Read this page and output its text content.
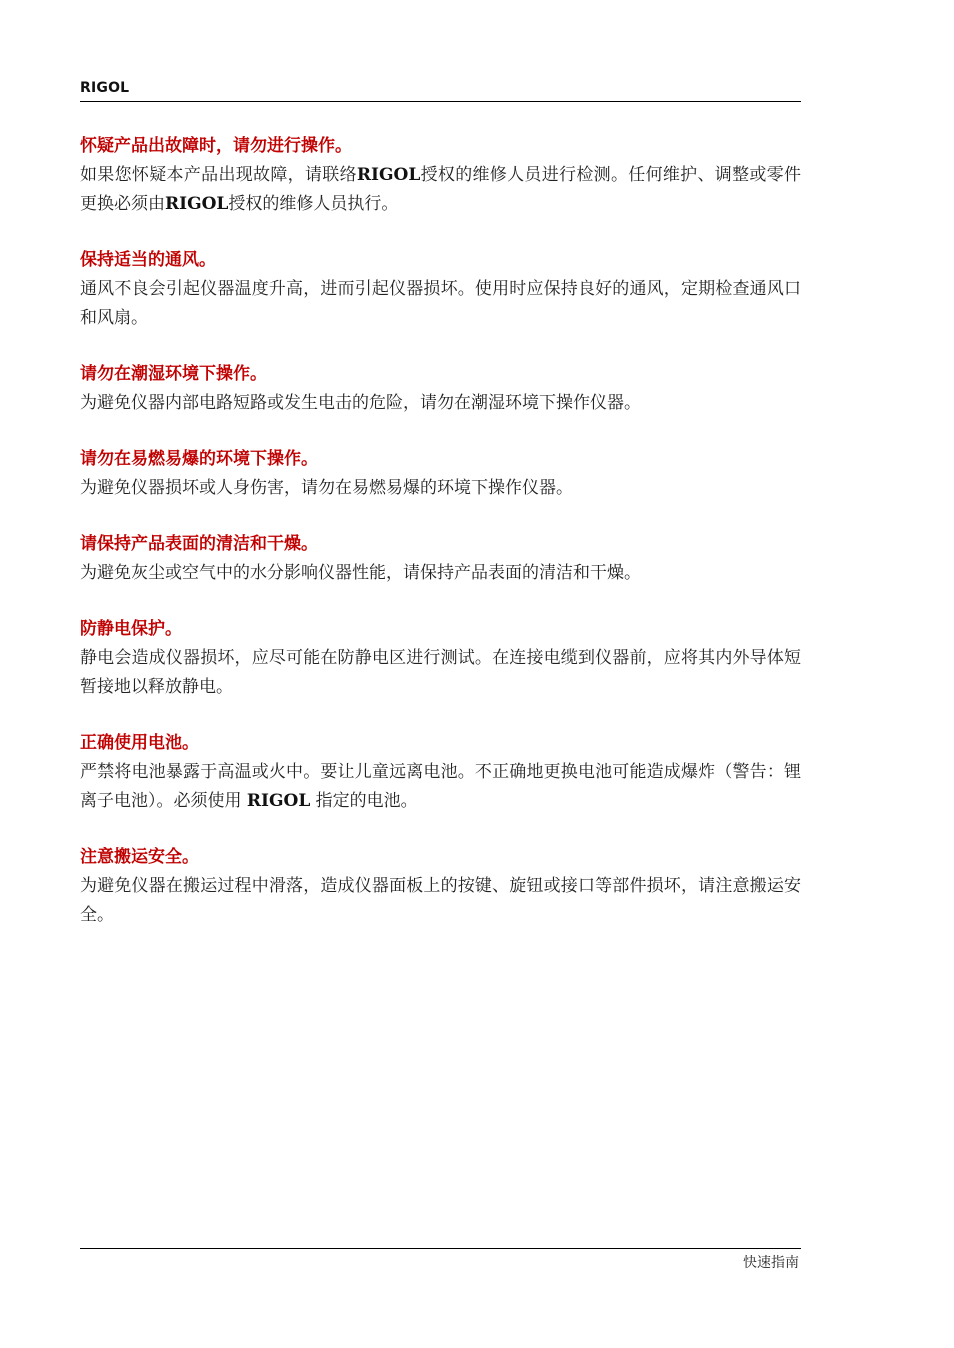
RIGOL
怀疑产品出故障时，请勿进行操作。

如果您怀疑本产品出现故障，请联络RIGOL授权的维修人员进行检测。任何维护、调整或零件更换必须由RIGOL授权的维修人员执行。

保持适当的通风。

通风不良会引起仪器温度升高，进而引起仪器损坏。使用时应保持良好的通风，定期检查通风口和风扇。

请勿在潮湿环境下操作。

为避免仪器内部电路短路或发生电击的危险，请勿在潮湿环境下操作仪器。

请勿在易燃易爆的环境下操作。

为避免仪器损坏或人身伤害，请勿在易燃易爆的环境下操作仪器。

请保持产品表面的清洁和干燥。

为避免灰尘或空气中的水分影响仪器性能，请保持产品表面的清洁和干燥。

防静电保护。

静电会造成仪器损坏，应尽可能在防静电区进行测试。在连接电缆到仪器前，应将其内外导体短暂接地以释放静电。

正确使用电池。

严禁将电池暴露于高温或火中。要让儿童远离电池。不正确地更换电池可能造成爆炸（警告：锂离子电池）。必须使用 RIGOL 指定的电池。

注意搬运安全。

为避免仪器在搬运过程中滑落，造成仪器面板上的按键、旋钮或接口等部件损坏，请注意搬运安全。

快速指南
